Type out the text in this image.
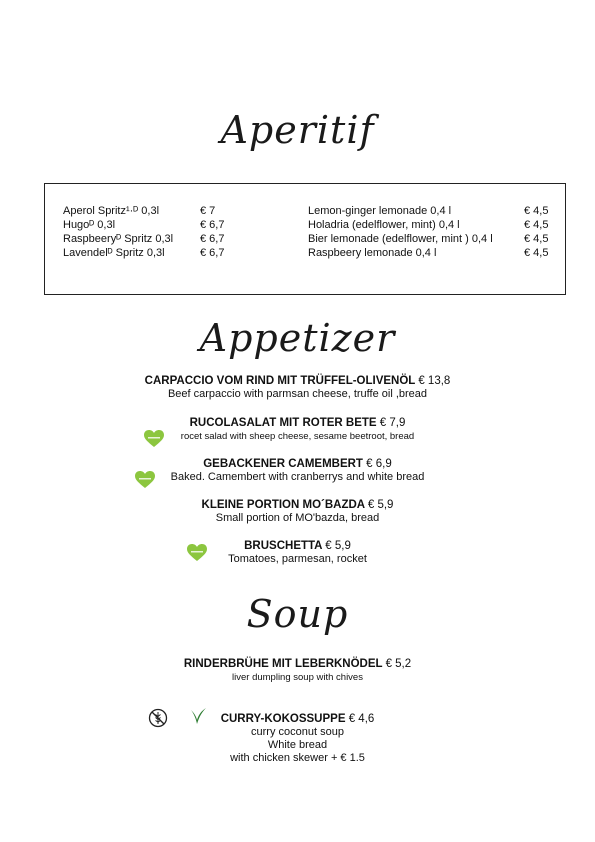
Aperitif
Appetizer
Soup
Aperol Spritz¹·ᴰ 0,3l	€ 7
Hugoᴰ 0,3l	€ 6,7
Raspbeeryᴰ Spritz 0,3l € 6,7
Lavendelᴰ Spritz 0,3l	€ 6,7
Lemon-ginger lemonade 0,4 l	€ 4,5
Holadria (edelflower, mint) 0,4 l	€ 4,5
Bier lemonade (edelflower, mint ) 0,4 l	€ 4,5
Raspbeery lemonade 0,4 l	€ 4,5
CARPACCIO VOM RIND MIT TRÜFFEL-OLIVENÖL € 13,8
Beef carpaccio with parmsan cheese, truffe oil ,bread
RUCOLASALAT MIT ROTER BETE € 7,9
rocet salad with sheep cheese, sesame beetroot, bread
GEBACKENER CAMEMBERT € 6,9
Baked. Camembert with cranberrys and white bread
KLEINE PORTION MO´BAZDA € 5,9
Small portion of MO'bazda, bread
BRUSCHETTA € 5,9
Tomatoes, parmesan, rocket
RINDERBRÜHE MIT LEBERKNÖDEL € 5,2
liver dumpling soup with chives
CURRY-KOKOSSUPPE € 4,6
curry coconut soup
White bread
with chicken skewer + € 1.5
